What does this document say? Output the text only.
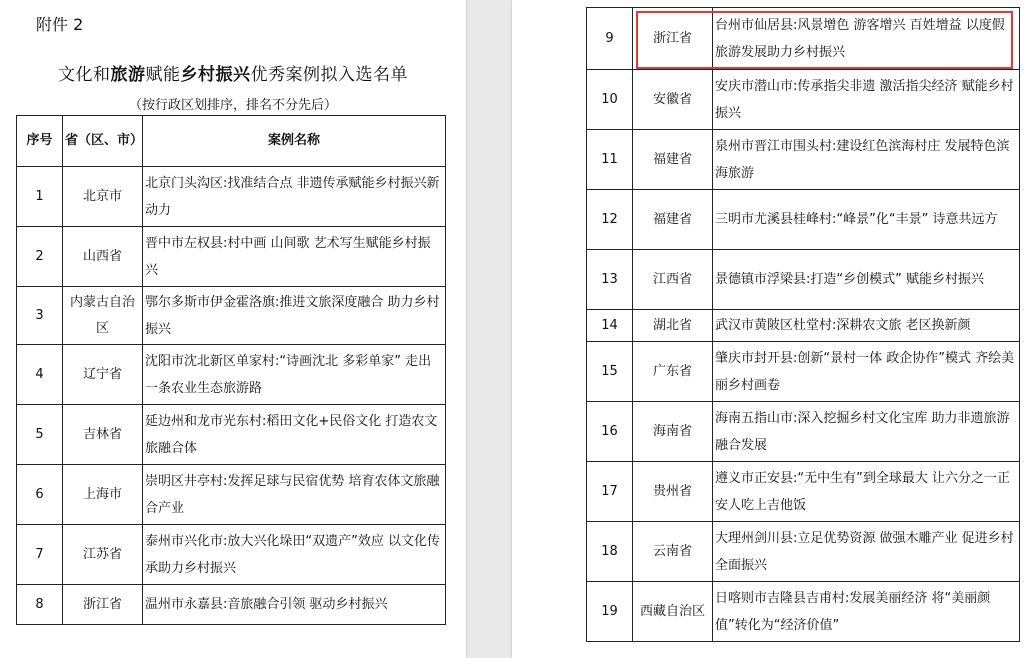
附件 2
文化和旅游赋能乡村振兴优秀案例拟入选名单
（按行政区划排序，排名不分先后）
序号	省（区、市）	案例名称
1	北京市	北京门头沟区:找准结合点 非遗传承赋能乡村振兴新动力
2	山西省	晋中市左权县:村中画 山间歌 艺术写生赋能乡村振兴
3	内蒙古自治区	鄂尔多斯市伊金霍洛旗:推进文旅深度融合 助力乡村振兴
4	辽宁省	沈阳市沈北新区单家村:“诗画沈北 多彩单家” 走出一条农业生态旅游路
5	吉林省	延边州和龙市光东村:稻田文化+民俗文化 打造农文旅融合体
6	上海市	崇明区井亭村:发挥足球与民宿优势 培育农体文旅融合产业
7	江苏省	泰州市兴化市:放大兴化垛田“双遗产”效应 以文化传承助力乡村振兴
8	浙江省	温州市永嘉县:音旅融合引领 驱动乡村振兴
9	浙江省	台州市仙居县:风景增色 游客增兴 百姓增益 以度假旅游发展助力乡村振兴
10	安徽省	安庆市潜山市:传承指尖非遗 激活指尖经济 赋能乡村振兴
11	福建省	泉州市晋江市围头村:建设红色滨海村庄 发展特色滨海旅游
12	福建省	三明市尤溪县桂峰村:“峰景”化“丰景” 诗意共远方
13	江西省	景德镇市浮梁县:打造“乡创模式” 赋能乡村振兴
14	湖北省	武汉市黄陂区杜堂村:深耕农文旅 老区换新颜
15	广东省	肇庆市封开县:创新“景村一体 政企协作”模式 齐绘美丽乡村画卷
16	海南省	海南五指山市:深入挖掘乡村文化宝库 助力非遗旅游融合发展
17	贵州省	遵义市正安县:“无中生有”到全球最大 让六分之一正安人吃上吉他饭
18	云南省	大理州剑川县:立足优势资源 做强木雕产业 促进乡村全面振兴
19	西藏自治区	日喀则市吉隆县吉甫村:发展美丽经济 将“美丽颜值”转化为“经济价值”
